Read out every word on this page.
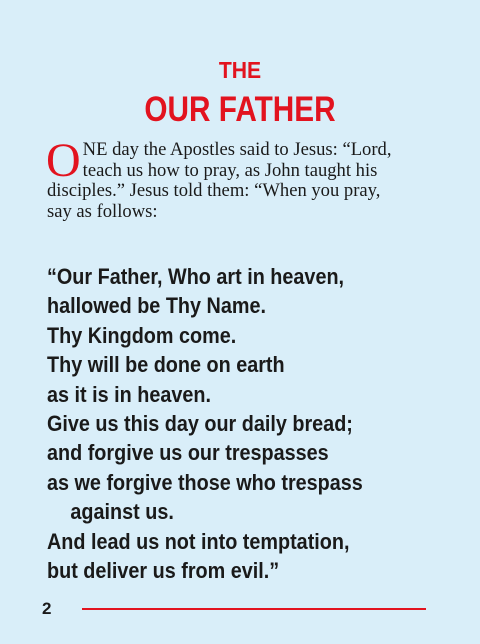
THE
OUR FATHER
O NE day the Apostles said to Jesus: “Lord,
teach us how to pray, as John taught his
disciples.” Jesus told them: “When you pray,
say as follows:
“Our Father, Who art in heaven,
hallowed be Thy Name.
Thy Kingdom come.
Thy will be done on earth
as it is in heaven.
Give us this day our daily bread;
and forgive us our trespasses
as we forgive those who trespass
against us.
And lead us not into temptation,
but deliver us from evil.”
2
